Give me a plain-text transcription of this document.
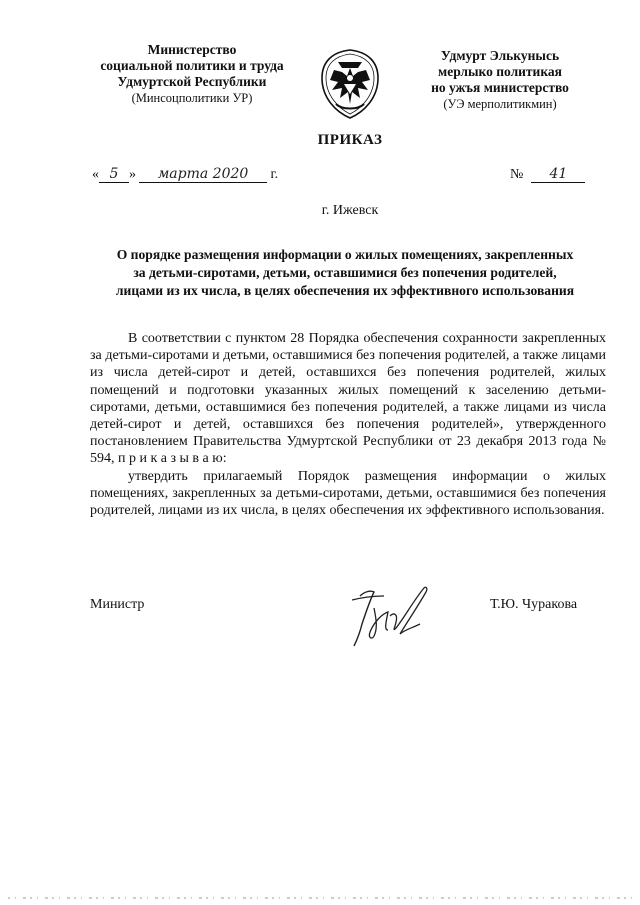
Министерство
социальной политики и труда
Удмуртской Республики
(Минсоцполитики УР)
Удмурт Элькунысь
мерлыко политикая
но ужъя министерство
(УЭ мерполитикмин)
ПРИКАЗ
« 5 » марта 2020 г.	№ 41
г. Ижевск
О порядке размещения информации о жилых помещениях, закрепленных
за детьми-сиротами, детьми, оставшимися без попечения родителей,
лицами из их числа, в целях обеспечения их эффективного использования

В соответствии с пунктом 28 Порядка обеспечения сохранности закрепленных за детьми-сиротами и детьми, оставшимися без попечения родителей, а также лицами из числа детей-сирот и детей, оставшихся без попечения родителей, жилых помещений и подготовки указанных жилых помещений к заселению детьми-сиротами, детьми, оставшимися без попечения родителей, а также лицами из числа детей-сирот и детей, оставшихся без попечения родителей», утвержденного постановлением Правительства Удмуртской Республики от 23 декабря 2013 года № 594, п р и к а з ы в а ю:

утвердить прилагаемый Порядок размещения информации о жилых помещениях, закрепленных за детьми-сиротами, детьми, оставшимися без попечения родителей, лицами из их числа, в целях обеспечения их эффективного использования.

Министр	Т.Ю. Чуракова
